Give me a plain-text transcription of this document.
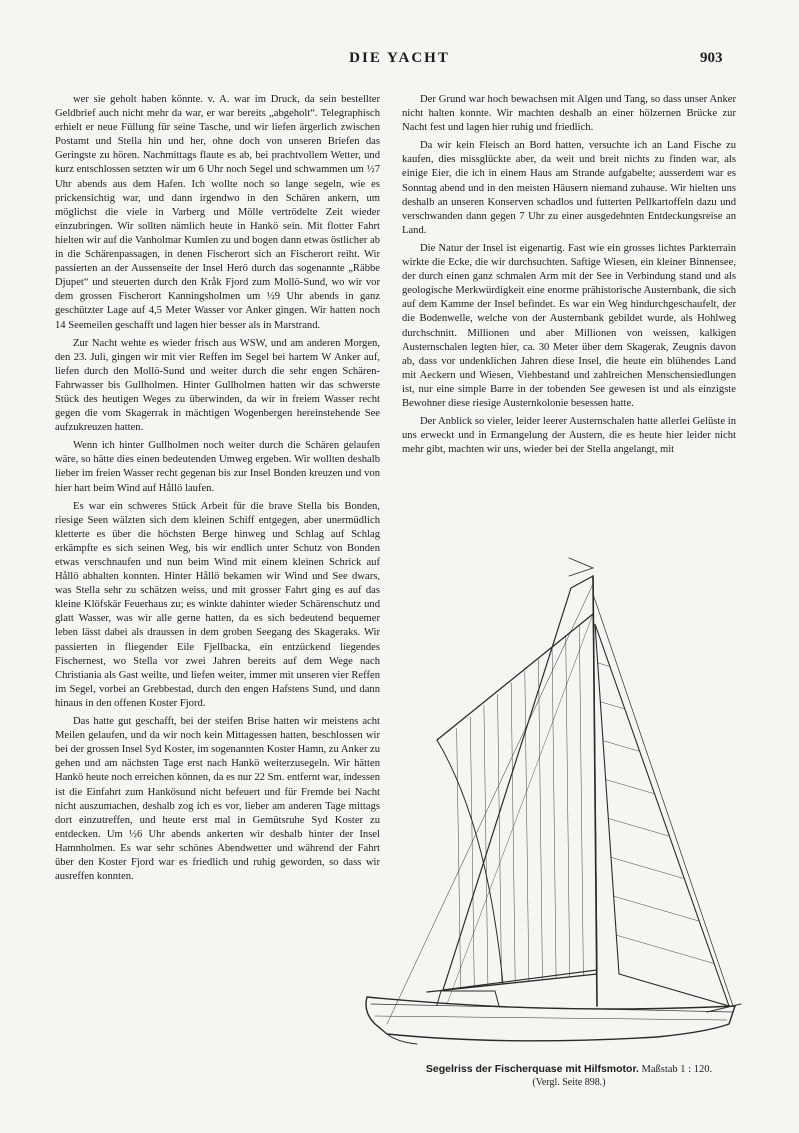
DIE YACHT	903

wer sie geholt haben könnte. v. A. war im Druck, da sein bestellter Geldbrief auch nicht mehr da war, er war bereits „abgeholt“. Telegraphisch erhielt er neue Füllung für seine Tasche, und wir liefen ärgerlich zwischen Postamt und Stella hin und her, ohne doch von unseren Briefen das Geringste zu hören. Nachmittags flaute es ab, bei prachtvollem Wetter, und kurz entschlossen setzten wir um 6 Uhr noch Segel und schwammen um ½7 Uhr abends aus dem Hafen. Ich wollte noch so lange segeln, wie es prickensichtig war, und dann irgendwo in den Schären ankern, um möglichst die viele in Varberg und Mölle vertrödelte Zeit wieder einzubringen. Wir sollten nämlich heute in Hankö sein. Mit flotter Fahrt hielten wir auf die Vanholmar Kumlen zu und bogen dann etwas östlicher ab in die Schärenpassagen, in denen Fischerort sich an Fischerort reiht. Wir passierten an der Aussenseite der Insel Herö durch das sogenannte „Räbbe Djupet“ und steuerten durch den Kråk Fjord zum Mollö-Sund, wo wir vor dem grossen Fischerort Kanningsholmen um ½9 Uhr abends in ganz geschützter Lage auf 4,5 Meter Wasser vor Anker gingen. Wir hatten noch 14 Seemeilen geschafft und lagen hier besser als in Marstrand.

Zur Nacht wehte es wieder frisch aus WSW, und am anderen Morgen, den 23. Juli, gingen wir mit vier Reffen im Segel bei hartem W Anker auf, liefen durch den Mollö-Sund und weiter durch die sehr engen Schären-Fahrwasser bis Gullholmen. Hinter Gullholmen hatten wir das schwerste Stück des heutigen Weges zu überwinden, da wir in freiem Wasser recht gegen die vom Skagerrak in mächtigen Wogenbergen hereinstehende See aufzukreuzen hatten.

Wenn ich hinter Gullholmen noch weiter durch die Schären gelaufen wäre, so hätte dies einen bedeutenden Umweg ergeben. Wir wollten deshalb lieber im freien Wasser recht gegenan bis zur Insel Bonden kreuzen und von hier hart beim Wind auf Hållö laufen.

Es war ein schweres Stück Arbeit für die brave Stella bis Bonden, riesige Seen wälzten sich dem kleinen Schiff entgegen, aber unermüdlich kletterte es über die höchsten Berge hinweg und Schlag auf Schlag erkämpfte es sich seinen Weg, bis wir endlich unter Schutz von Bonden etwas verschnaufen und nun beim Wind mit einem kleinen Schrick auf Hållö abhalten konnten. Hinter Hållö bekamen wir Wind und See dwars, was Stella sehr zu schätzen weiss, und mit grosser Fahrt ging es auf das kleine Klöfskär Feuerhaus zu; es winkte dahinter wieder Schärenschutz und glatt Wasser, was wir alle gerne hatten, da es sich bedeutend bequemer leben lässt dabei als draussen in dem groben Seegang des Skageraks. Wir passierten in fliegender Eile Fjellbacka, ein entzückend liegendes Fischernest, wo Stella vor zwei Jahren bereits auf dem Wege nach Christiania als Gast weilte, und liefen weiter, immer mit unseren vier Reffen im Segel, vorbei an Grebbestad, durch den engen Hafstens Sund, und dann hinaus in den offenen Koster Fjord.

Das hatte gut geschafft, bei der steifen Brise hatten wir meistens acht Meilen gelaufen, und da wir noch kein Mittagessen hatten, beschlossen wir bei der grossen Insel Syd Koster, im sogenannten Koster Hamn, zu Anker zu gehen und am nächsten Tage erst nach Hankö weiterzusegeln. Wir hätten Hankö heute noch erreichen können, da es nur 22 Sm. entfernt war, indessen ist die Einfahrt zum Hankösund nicht befeuert und für Fremde bei Nacht nicht auszumachen, deshalb zog ich es vor, lieber am anderen Tage mittags dort einzutreffen, und heute erst mal in Gemütsruhe Syd Koster zu entdecken. Um ½6 Uhr abends ankerten wir deshalb hinter der Insel Hamnholmen. Es war sehr schönes Abendwetter und während der Fahrt über den Koster Fjord war es friedlich und ruhig geworden, so dass wir ausreffen konnten.

Der Grund war hoch bewachsen mit Algen und Tang, so dass unser Anker nicht halten konnte. Wir machten deshalb an einer hölzernen Brücke zur Nacht fest und lagen hier ruhig und friedlich.

Da wir kein Fleisch an Bord hatten, versuchte ich an Land Fische zu kaufen, dies missglückte aber, da weit und breit nichts zu finden war, als einige Eier, die ich in einem Haus am Strande aufgabelte; ausserdem war es Sonntag abend und in den meisten Häusern niemand zuhause. Wir hielten uns deshalb an unseren Konserven schadlos und futterten Pellkartoffeln dazu und verschwanden dann gegen 7 Uhr zu einer ausgedehnten Entdeckungsreise an Land.

Die Natur der Insel ist eigenartig. Fast wie ein grosses lichtes Parkterrain wirkte die Ecke, die wir durchsuchten. Saftige Wiesen, ein kleiner Binnensee, der durch einen ganz schmalen Arm mit der See in Verbindung stand und als geologische Merkwürdigkeit eine enorme prähistorische Austernbank, die sich auf dem Kamme der Insel befindet. Es war ein Weg hindurchgeschaufelt, der die Bodenwelle, welche von der Austernbank gebildet wurde, als Hohlweg durchschnitt. Millionen und aber Millionen von weissen, kalkigen Austernschalen legten hier, ca. 30 Meter über dem Skagerak, Zeugnis davon ab, dass vor undenklichen Jahren diese Insel, die heute ein blühendes Land mit Aeckern und Wiesen, Viehbestand und zahlreichen Menschensiedlungen ist, nur eine simple Barre in der tobenden See gewesen ist und als einzigste Bewohner diese riesige Austernkolonie besessen hatte.

Der Anblick so vieler, leider leerer Austernschalen hatte allerlei Gelüste in uns erweckt und in Ermangelung der Austern, die es heute hier leider nicht mehr gibt, machten wir uns, wieder bei der Stella angelangt, mit

Segelriss der Fischerquase mit Hilfsmotor. Maßstab 1 : 120.
(Vergl. Seite 898.)
